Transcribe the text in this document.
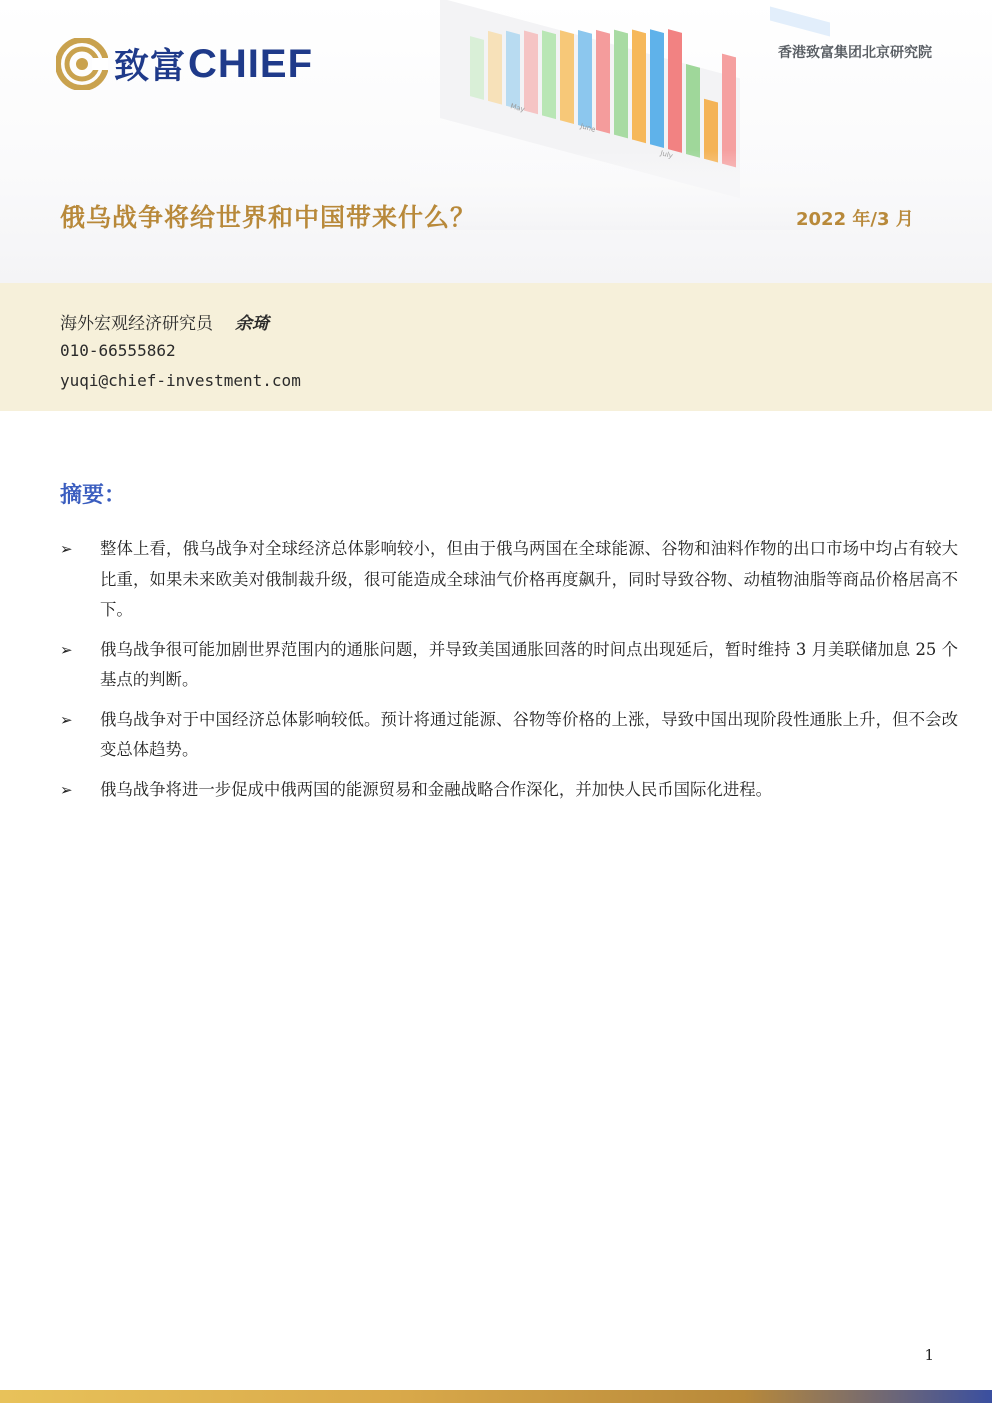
May
June
致富 CHIEF	香港致富集团北京研究院
俄乌战争将给世界和中国带来什么？	2022 年/3 月
海外宏观经济研究员 余琦
010-66555862
yuqi@chief-investment.com
摘要：
➢ 整体上看，俄乌战争对全球经济总体影响较小，但由于俄乌两国在全球能源、谷物和油料作物的出口市场中均占有较大比重，如果未来欧美对俄制裁升级，很可能造成全球油气价格再度飙升，同时导致谷物、动植物油脂等商品价格居高不下。
➢ 俄乌战争很可能加剧世界范围内的通胀问题，并导致美国通胀回落的时间点出现延后，暂时维持 3 月美联储加息 25 个基点的判断。
➢ 俄乌战争对于中国经济总体影响较低。预计将通过能源、谷物等价格的上涨，导致中国出现阶段性通胀上升，但不会改变总体趋势。
➢ 俄乌战争将进一步促成中俄两国的能源贸易和金融战略合作深化，并加快人民币国际化进程。
1
